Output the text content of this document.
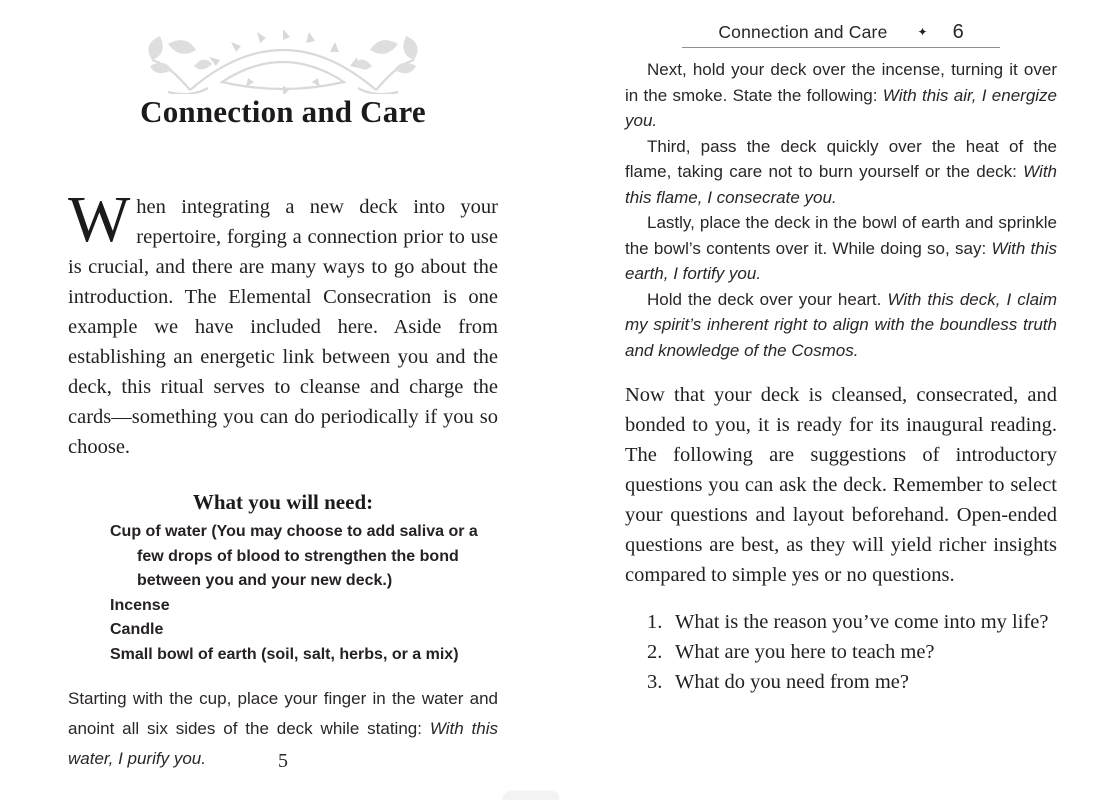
Connection and Care

When integrating a new deck into your repertoire, forging a connection prior to use is crucial, and there are many ways to go about the introduction. The Elemental Consecration is one example we have included here. Aside from establishing an energetic link between you and the deck, this ritual serves to cleanse and charge the cards—something you can do periodically if you so choose.

What you will need:
Cup of water (You may choose to add saliva or a few drops of blood to strengthen the bond between you and your new deck.)
Incense
Candle
Small bowl of earth (soil, salt, herbs, or a mix)

Starting with the cup, place your finger in the water and anoint all six sides of the deck while stating: With this water, I purify you.	5
Connection and Care	✦ 6

Next, hold your deck over the incense, turning it over in the smoke. State the following: With this air, I energize you.

Third, pass the deck quickly over the heat of the flame, taking care not to burn yourself or the deck: With this flame, I consecrate you.

Lastly, place the deck in the bowl of earth and sprinkle the bowl’s contents over it. While doing so, say: With this earth, I fortify you.

Hold the deck over your heart. With this deck, I claim my spirit’s inherent right to align with the boundless truth and knowledge of the Cosmos.

Now that your deck is cleansed, consecrated, and bonded to you, it is ready for its inaugural reading. The following are suggestions of introductory questions you can ask the deck. Remember to select your questions and layout beforehand. Open-ended questions are best, as they will yield richer insights compared to simple yes or no questions.

1. What is the reason you’ve come into my life?
2. What are you here to teach me?
3. What do you need from me?
